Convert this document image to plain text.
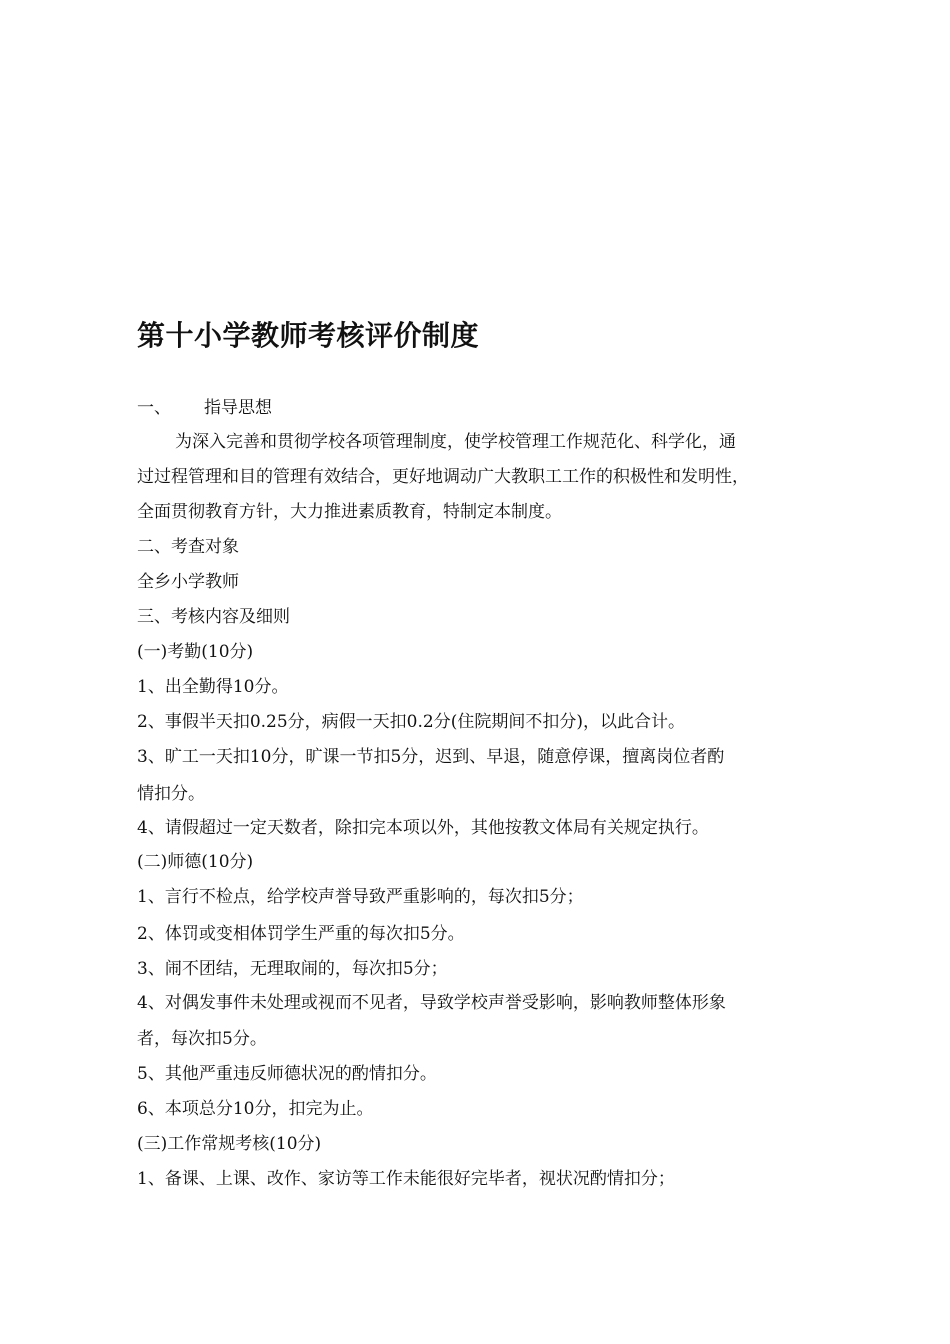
第十小学教师考核评价制度
一、 指导思想
为深入完善和贯彻学校各项管理制度，使学校管理工作规范化、科学化，通
过过程管理和目的管理有效结合，更好地调动广大教职工工作的积极性和发明性，
全面贯彻教育方针，大力推进素质教育，特制定本制度。
二、考查对象
全乡小学教师
三、考核内容及细则
(一)考勤(10分)
1、出全勤得10分。
2、事假半天扣0.25分，病假一天扣0.2分(住院期间不扣分)，以此合计。
3、旷工一天扣10分，旷课一节扣5分，迟到、早退，随意停课，擅离岗位者酌
情扣分。
4、请假超过一定天数者，除扣完本项以外，其他按教文体局有关规定执行。
(二)师德(10分)
1、言行不检点，给学校声誉导致严重影响的，每次扣5分；
2、体罚或变相体罚学生严重的每次扣5分。
3、闹不团结，无理取闹的，每次扣5分；
4、对偶发事件未处理或视而不见者，导致学校声誉受影响，影响教师整体形象
者，每次扣5分。
5、其他严重违反师德状况的酌情扣分。
6、本项总分10分，扣完为止。
(三)工作常规考核(10分)
1、备课、上课、改作、家访等工作未能很好完毕者，视状况酌情扣分；
